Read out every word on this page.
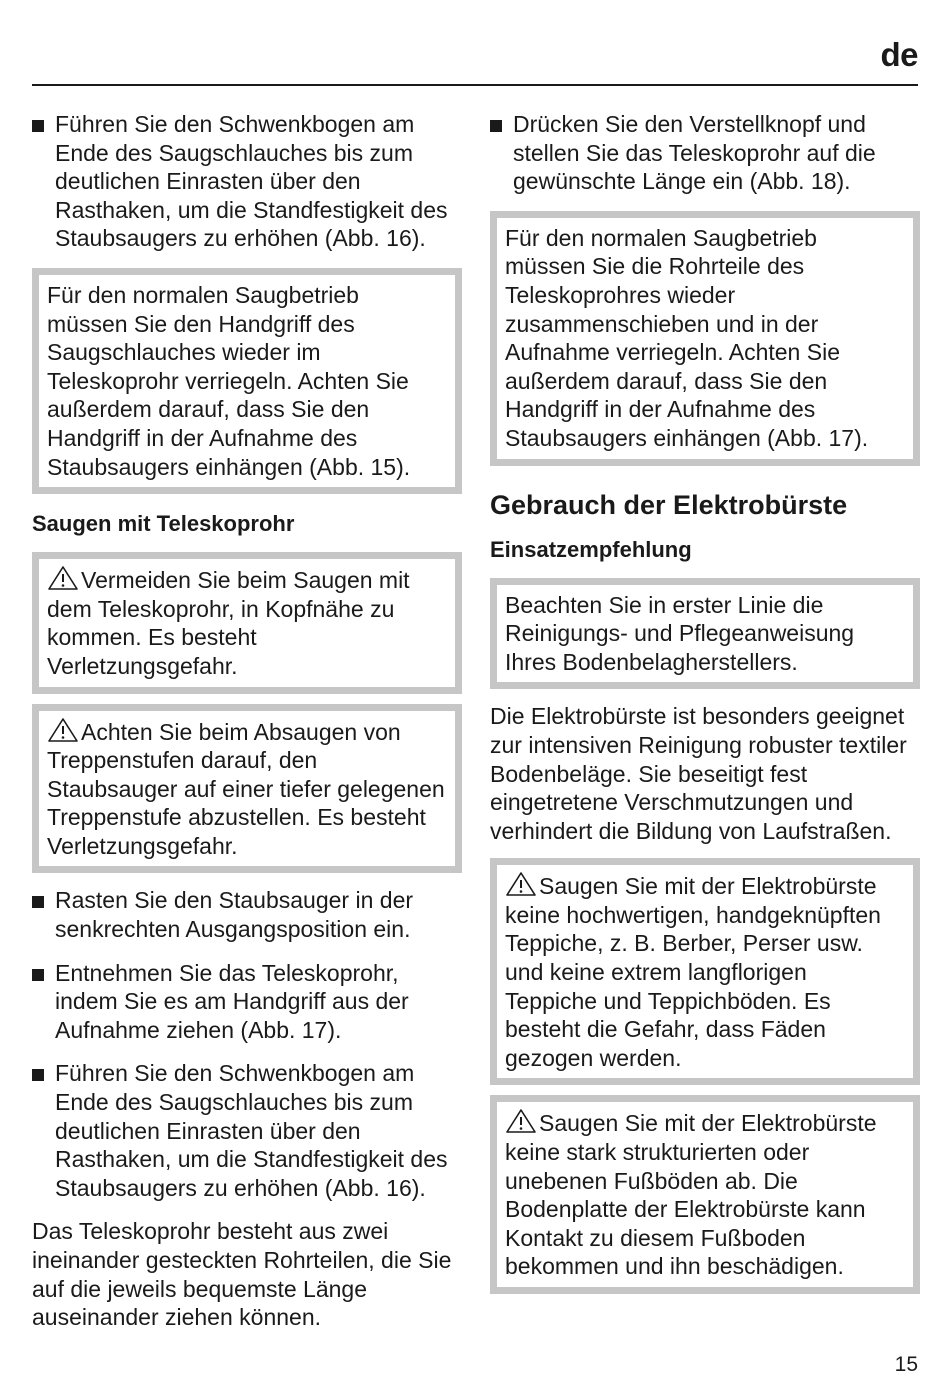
de

Führen Sie den Schwenkbogen am Ende des Saugschlauches bis zum deutlichen Einrasten über den Rasthaken, um die Standfestigkeit des Staubsaugers zu erhöhen (Abb. 16).

Für den normalen Saugbetrieb müssen Sie den Handgriff des Saugschlauches wieder im Teleskoprohr verriegeln. Achten Sie außerdem darauf, dass Sie den Handgriff in der Aufnahme des Staubsaugers einhängen (Abb. 15).

Saugen mit Teleskoprohr

Vermeiden Sie beim Saugen mit dem Teleskoprohr, in Kopfnähe zu kommen. Es besteht Verletzungsgefahr.

Achten Sie beim Absaugen von Treppenstufen darauf, den Staubsauger auf einer tiefer gelegenen Treppenstufe abzustellen. Es besteht Verletzungsgefahr.

Rasten Sie den Staubsauger in der senkrechten Ausgangsposition ein.

Entnehmen Sie das Teleskoprohr, indem Sie es am Handgriff aus der Aufnahme ziehen (Abb. 17).

Führen Sie den Schwenkbogen am Ende des Saugschlauches bis zum deutlichen Einrasten über den Rasthaken, um die Standfestigkeit des Staubsaugers zu erhöhen (Abb. 16).

Das Teleskoprohr besteht aus zwei ineinander gesteckten Rohrteilen, die Sie auf die jeweils bequemste Länge auseinander ziehen können.

Drücken Sie den Verstellknopf und stellen Sie das Teleskoprohr auf die gewünschte Länge ein (Abb. 18).

Für den normalen Saugbetrieb müssen Sie die Rohrteile des Teleskoprohres wieder zusammenschieben und in der Aufnahme verriegeln. Achten Sie außerdem darauf, dass Sie den Handgriff in der Aufnahme des Staubsaugers einhängen (Abb. 17).

Gebrauch der Elektrobürste
Einsatzempfehlung

Beachten Sie in erster Linie die Reinigungs- und Pflegeanweisung Ihres Bodenbelagherstellers.

Die Elektrobürste ist besonders geeignet zur intensiven Reinigung robuster textiler Bodenbeläge. Sie beseitigt fest eingetretene Verschmutzungen und verhindert die Bildung von Laufstraßen.

Saugen Sie mit der Elektrobürste keine hochwertigen, handgeknüpften Teppiche, z. B. Berber, Perser usw. und keine extrem langflorigen Teppiche und Teppichböden. Es besteht die Gefahr, dass Fäden gezogen werden.

Saugen Sie mit der Elektrobürste keine stark strukturierten oder unebenen Fußböden ab. Die Bodenplatte der Elektrobürste kann Kontakt zu diesem Fußboden bekommen und ihn beschädigen.

15
